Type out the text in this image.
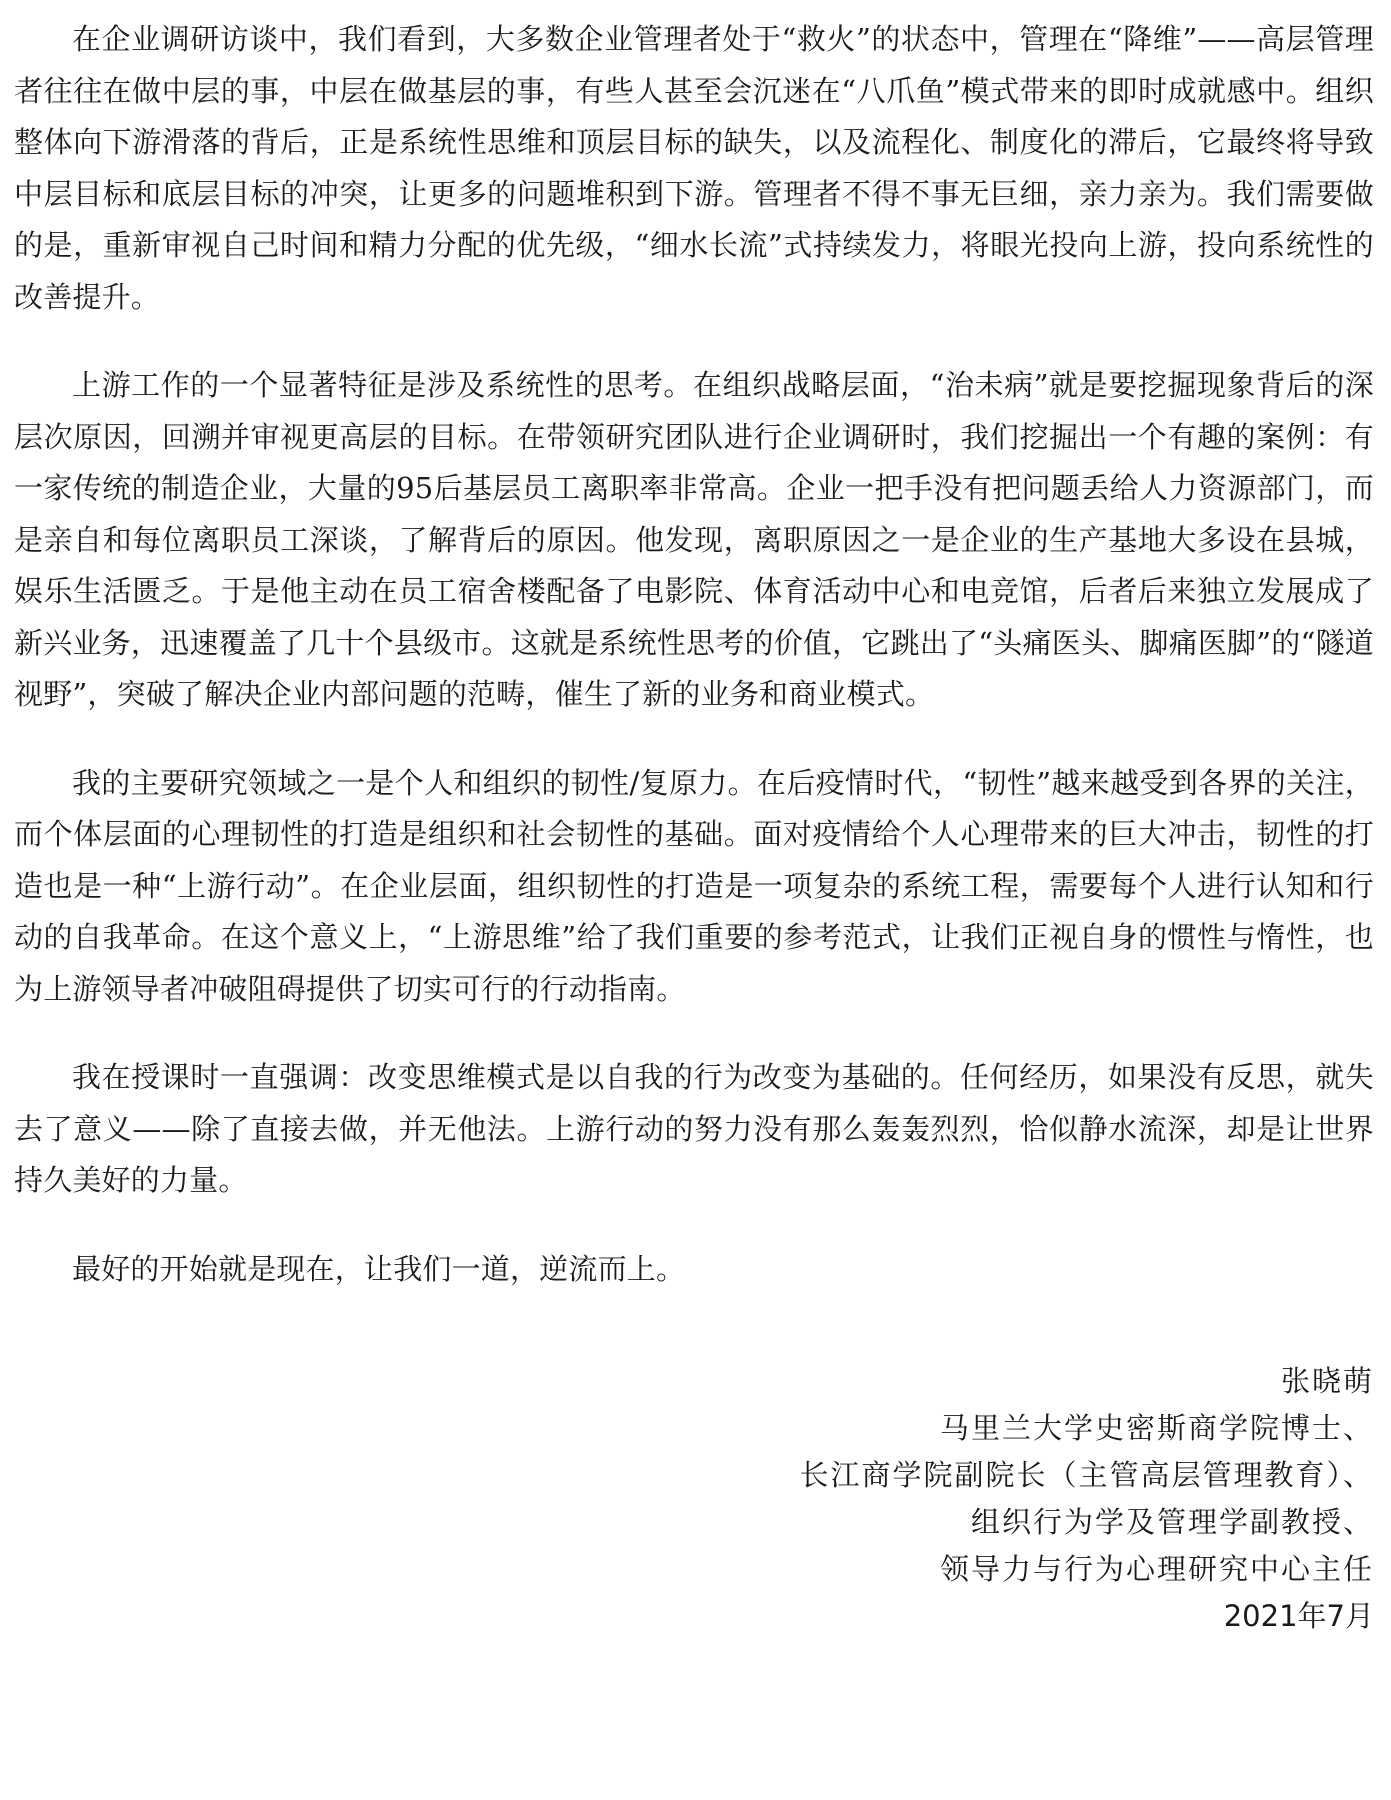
在企业调研访谈中，我们看到，大多数企业管理者处于“救火”的状态中，管理在“降维”——高层管理者往往在做中层的事，中层在做基层的事，有些人甚至会沉迷在“八爪鱼”模式带来的即时成就感中。组织整体向下游滑落的背后，正是系统性思维和顶层目标的缺失，以及流程化、制度化的滞后，它最终将导致中层目标和底层目标的冲突，让更多的问题堆积到下游。管理者不得不事无巨细，亲力亲为。我们需要做的是，重新审视自己时间和精力分配的优先级，“细水长流”式持续发力，将眼光投向上游，投向系统性的改善提升。

上游工作的一个显著特征是涉及系统性的思考。在组织战略层面，“治未病”就是要挖掘现象背后的深层次原因，回溯并审视更高层的目标。在带领研究团队进行企业调研时，我们挖掘出一个有趣的案例：有一家传统的制造企业，大量的95后基层员工离职率非常高。企业一把手没有把问题丢给人力资源部门，而是亲自和每位离职员工深谈，了解背后的原因。他发现，离职原因之一是企业的生产基地大多设在县城，娱乐生活匮乏。于是他主动在员工宿舍楼配备了电影院、体育活动中心和电竞馆，后者后来独立发展成了新兴业务，迅速覆盖了几十个县级市。这就是系统性思考的价值，它跳出了“头痛医头、脚痛医脚”的“隧道视野”，突破了解决企业内部问题的范畴，催生了新的业务和商业模式。

我的主要研究领域之一是个人和组织的韧性/复原力。在后疫情时代，“韧性”越来越受到各界的关注，而个体层面的心理韧性的打造是组织和社会韧性的基础。面对疫情给个人心理带来的巨大冲击，韧性的打造也是一种“上游行动”。在企业层面，组织韧性的打造是一项复杂的系统工程，需要每个人进行认知和行动的自我革命。在这个意义上，“上游思维”给了我们重要的参考范式，让我们正视自身的惯性与惰性，也为上游领导者冲破阻碍提供了切实可行的行动指南。

我在授课时一直强调：改变思维模式是以自我的行为改变为基础的。任何经历，如果没有反思，就失去了意义——除了直接去做，并无他法。上游行动的努力没有那么轰轰烈烈，恰似静水流深，却是让世界持久美好的力量。

最好的开始就是现在，让我们一道，逆流而上。

张晓萌
马里兰大学史密斯商学院博士、
长江商学院副院长（主管高层管理教育）、
组织行为学及管理学副教授、
领导力与行为心理研究中心主任
2021年7月
